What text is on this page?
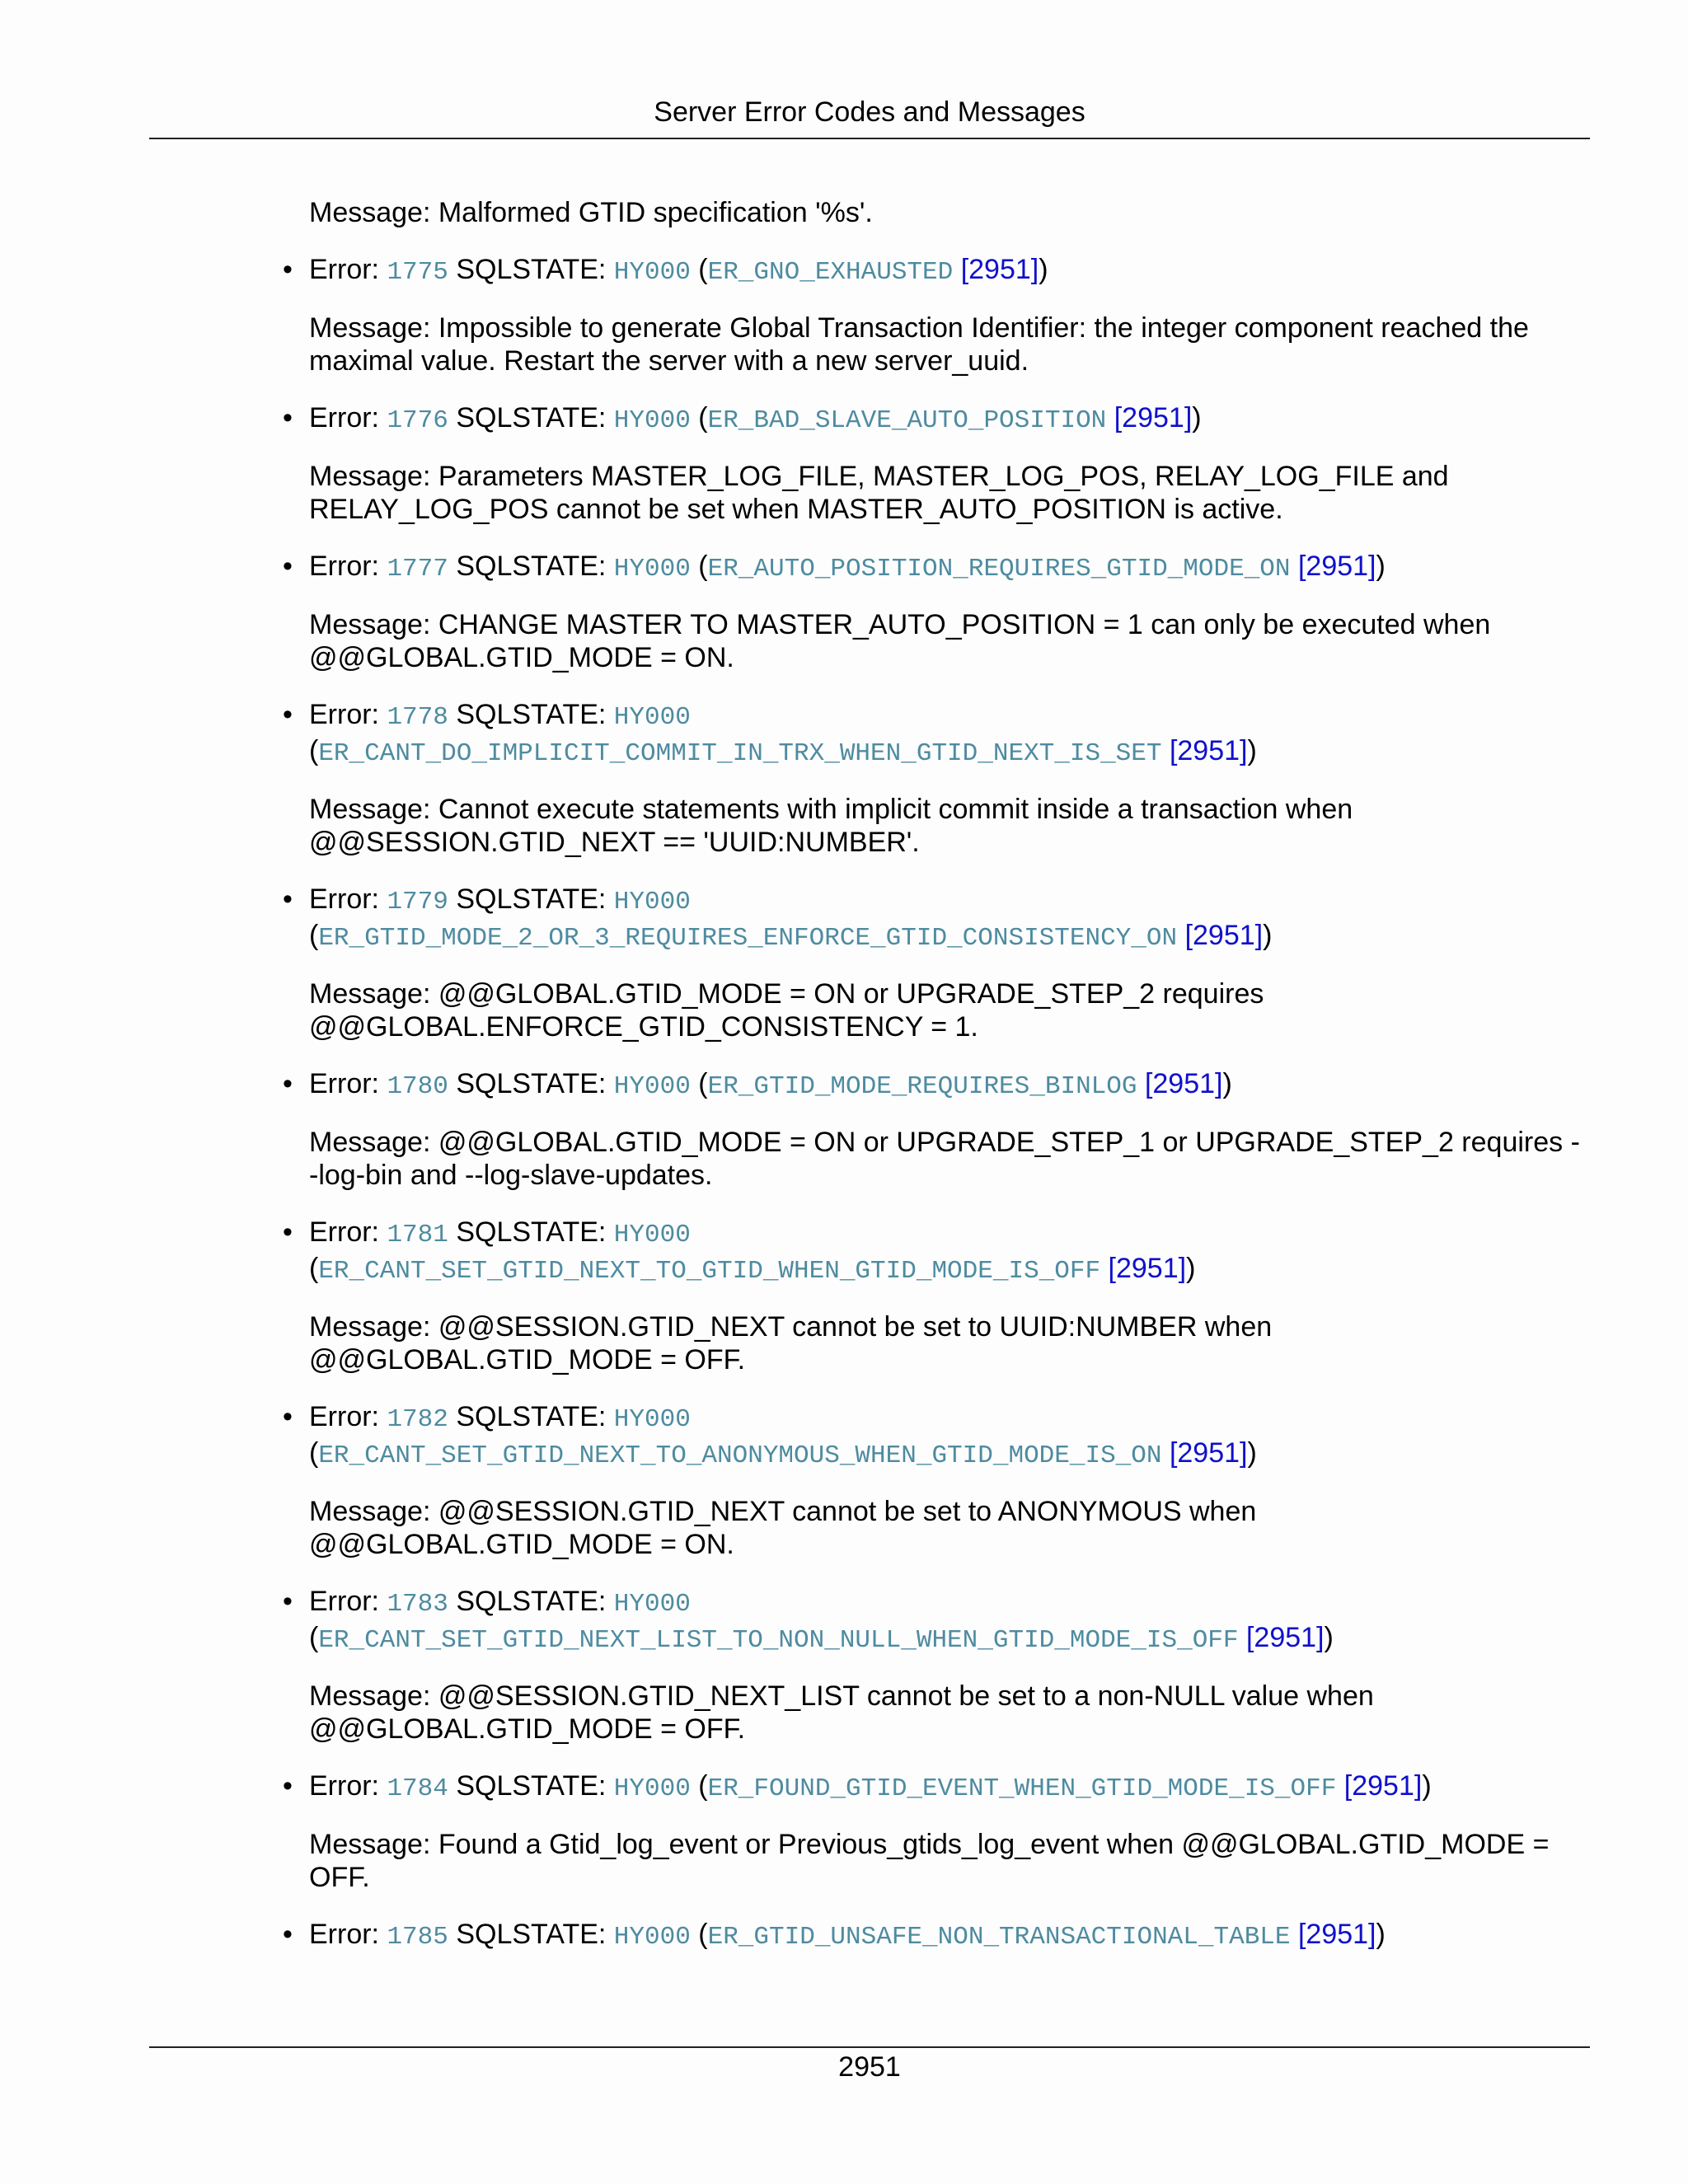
Server Error Codes and Messages

Message: Malformed GTID specification '%s'.

• Error: 1775 SQLSTATE: HY000 (ER_GNO_EXHAUSTED [2951])

Message: Impossible to generate Global Transaction Identifier: the integer component reached the maximal value. Restart the server with a new server_uuid.

• Error: 1776 SQLSTATE: HY000 (ER_BAD_SLAVE_AUTO_POSITION [2951])

Message: Parameters MASTER_LOG_FILE, MASTER_LOG_POS, RELAY_LOG_FILE and RELAY_LOG_POS cannot be set when MASTER_AUTO_POSITION is active.

• Error: 1777 SQLSTATE: HY000 (ER_AUTO_POSITION_REQUIRES_GTID_MODE_ON [2951])

Message: CHANGE MASTER TO MASTER_AUTO_POSITION = 1 can only be executed when @@GLOBAL.GTID_MODE = ON.

• Error: 1778 SQLSTATE: HY000
(ER_CANT_DO_IMPLICIT_COMMIT_IN_TRX_WHEN_GTID_NEXT_IS_SET [2951])

Message: Cannot execute statements with implicit commit inside a transaction when @@SESSION.GTID_NEXT == 'UUID:NUMBER'.

• Error: 1779 SQLSTATE: HY000
(ER_GTID_MODE_2_OR_3_REQUIRES_ENFORCE_GTID_CONSISTENCY_ON [2951])

Message: @@GLOBAL.GTID_MODE = ON or UPGRADE_STEP_2 requires @@GLOBAL.ENFORCE_GTID_CONSISTENCY = 1.

• Error: 1780 SQLSTATE: HY000 (ER_GTID_MODE_REQUIRES_BINLOG [2951])

Message: @@GLOBAL.GTID_MODE = ON or UPGRADE_STEP_1 or UPGRADE_STEP_2 requires --log-bin and --log-slave-updates.

• Error: 1781 SQLSTATE: HY000
(ER_CANT_SET_GTID_NEXT_TO_GTID_WHEN_GTID_MODE_IS_OFF [2951])

Message: @@SESSION.GTID_NEXT cannot be set to UUID:NUMBER when @@GLOBAL.GTID_MODE = OFF.

• Error: 1782 SQLSTATE: HY000
(ER_CANT_SET_GTID_NEXT_TO_ANONYMOUS_WHEN_GTID_MODE_IS_ON [2951])

Message: @@SESSION.GTID_NEXT cannot be set to ANONYMOUS when @@GLOBAL.GTID_MODE = ON.

• Error: 1783 SQLSTATE: HY000
(ER_CANT_SET_GTID_NEXT_LIST_TO_NON_NULL_WHEN_GTID_MODE_IS_OFF [2951])

Message: @@SESSION.GTID_NEXT_LIST cannot be set to a non-NULL value when @@GLOBAL.GTID_MODE = OFF.

• Error: 1784 SQLSTATE: HY000 (ER_FOUND_GTID_EVENT_WHEN_GTID_MODE_IS_OFF [2951])

Message: Found a Gtid_log_event or Previous_gtids_log_event when @@GLOBAL.GTID_MODE = OFF.

• Error: 1785 SQLSTATE: HY000 (ER_GTID_UNSAFE_NON_TRANSACTIONAL_TABLE [2951])

2951
